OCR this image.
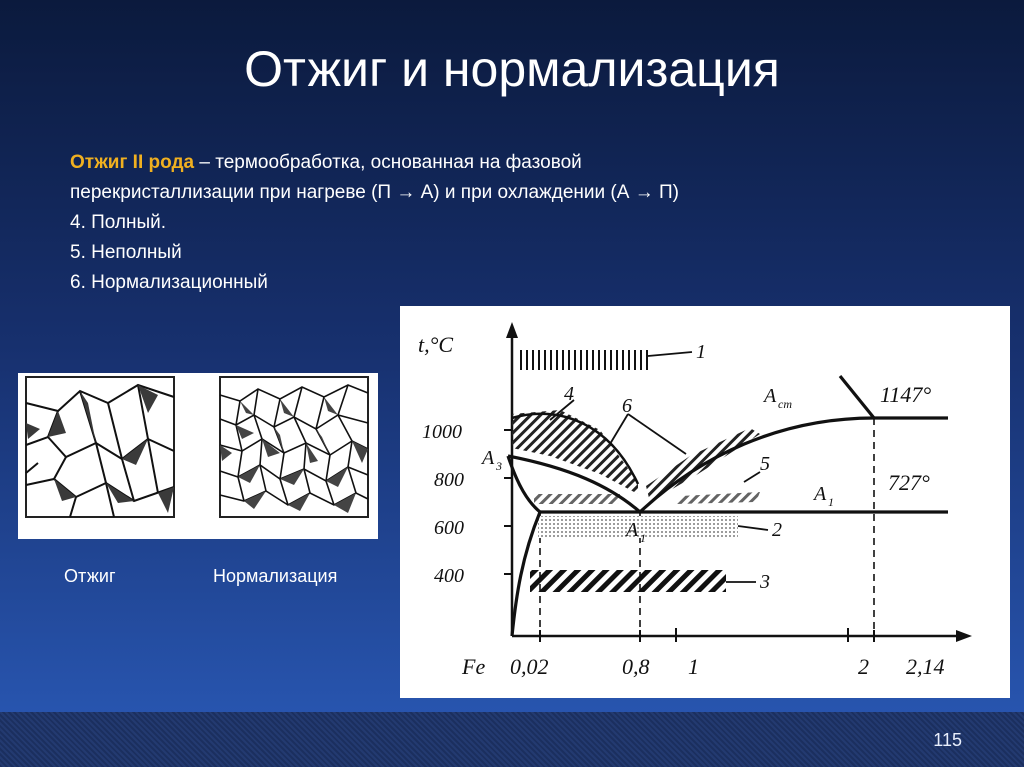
Отжиг и нормализация
Отжиг II рода – термообработка, основанная на фазовой
перекристаллизации при нагреве (П → А) и при охлаждении (А → П)
4. Полный.
5. Неполный
6. Нормализационный
Отжиг	Нормализация
t,°C
1000
800
600
400
Fe 0,02	0,8 1	2 2,14
1147°
727°
A 3
A cm
A 1
A 1
1
2
3
4
5
6
115
